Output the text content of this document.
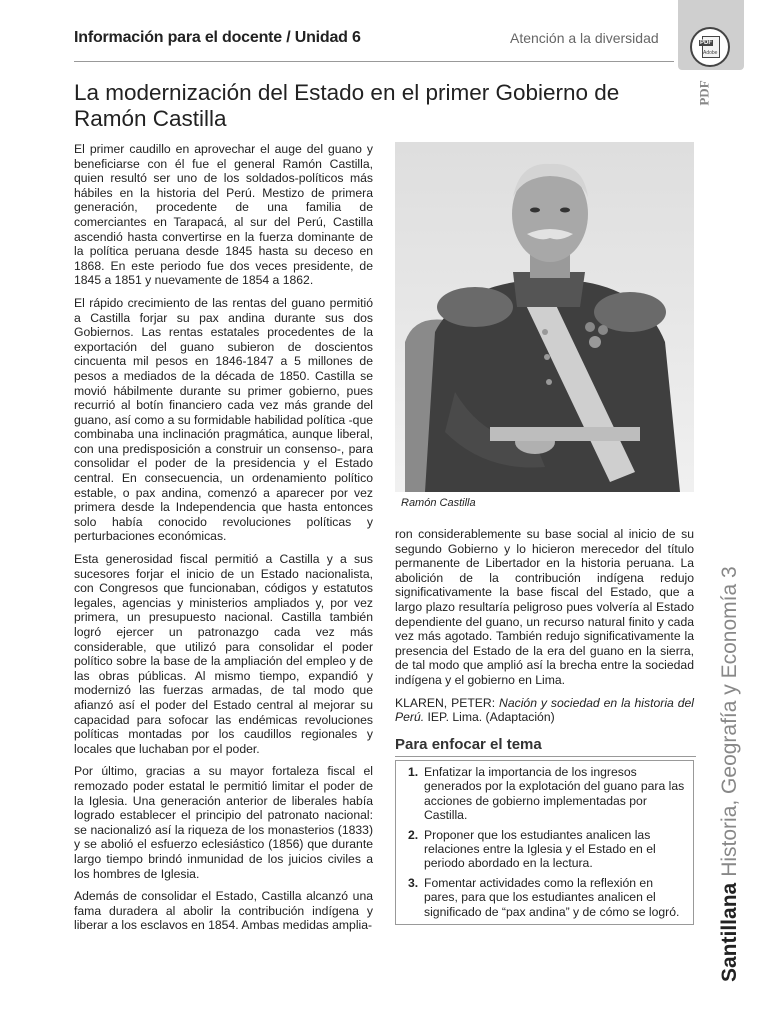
Información para el docente / Unidad 6	Atención a la diversidad	PDF
Adobe
PDF
SantillanaHistoria, Geografía y Economía 3
La modernización del Estado en el primer Gobierno de Ramón Castilla

El primer caudillo en aprovechar el auge del guano y beneficiarse con él fue el general Ramón Castilla, quien resultó ser uno de los soldados-políticos más hábiles en la historia del Perú. Mestizo de primera generación, procedente de una familia de comerciantes en Tarapacá, al sur del Perú, Castilla ascendió hasta convertirse en la fuerza dominante de la política peruana desde 1845 hasta su deceso en 1868. En este periodo fue dos veces presidente, de 1845 a 1851 y nuevamente de 1854 a 1862.

El rápido crecimiento de las rentas del guano permitió a Castilla forjar su pax andina durante sus dos Gobiernos. Las rentas estatales procedentes de la exportación del guano subieron de doscientos cincuenta mil pesos en 1846-1847 a 5 millones de pesos a mediados de la década de 1850. Castilla se movió hábilmente durante su primer gobierno, pues recurrió al botín financiero cada vez más grande del guano, así como a su formidable habilidad política -que combinaba una inclinación pragmática, aunque liberal, con una predisposición a construir un consenso-, para consolidar el poder de la presidencia y el Estado central. En consecuencia, un ordenamiento político estable, o pax andina, comenzó a aparecer por vez primera desde la Independencia que hasta entonces solo había conocido revoluciones políticas y perturbaciones económicas.

Esta generosidad fiscal permitió a Castilla y a sus sucesores forjar el inicio de un Estado nacionalista, con Congresos que funcionaban, códigos y estatutos legales, agencias y ministerios ampliados y, por vez primera, un presupuesto nacional. Castilla también logró ejercer un patronazgo cada vez más considerable, que utilizó para consolidar el poder político sobre la base de la ampliación del empleo y de las obras públicas. Al mismo tiempo, expandió y modernizó las fuerzas armadas, de tal modo que afianzó así el poder del Estado central al mejorar su capacidad para sofocar las endémicas revoluciones políticas montadas por los caudillos regionales y locales que luchaban por el poder.

Por último, gracias a su mayor fortaleza fiscal el remozado poder estatal le permitió limitar el poder de la Iglesia. Una generación anterior de liberales había logrado establecer el principio del patronato nacional: se nacionalizó así la riqueza de los monasterios (1833) y se abolió el esfuerzo eclesiástico (1856) que durante largo tiempo brindó inmunidad de los juicios civiles a los hombres de Iglesia.

Además de consolidar el Estado, Castilla alcanzó una fama duradera al abolir la contribución indígena y liberar a los esclavos en 1854. Ambas medidas amplia-

Ramón Castilla

ron considerablemente su base social al inicio de su segundo Gobierno y lo hicieron merecedor del título permanente de Libertador en la historia peruana. La abolición de la contribución indígena redujo significativamente la base fiscal del Estado, que a largo plazo resultaría peligroso pues volvería al Estado dependiente del guano, un recurso natural finito y cada vez más agotado. También redujo significativamente la presencia del Estado de la era del guano en la sierra, de tal modo que amplió así la brecha entre la sociedad indígena y el gobierno en Lima.

KLAREN, PETER: Nación y sociedad en la historia del Perú. IEP. Lima. (Adaptación)

Para enfocar el tema
1. Enfatizar la importancia de los ingresos generados por la explotación del guano para las acciones de gobierno implementadas por Castilla.
2. Proponer que los estudiantes analicen las relaciones entre la Iglesia y el Estado en el periodo abordado en la lectura.
3. Fomentar actividades como la reflexión en pares, para que los estudiantes analicen el significado de “pax andina” y de cómo se logró.
